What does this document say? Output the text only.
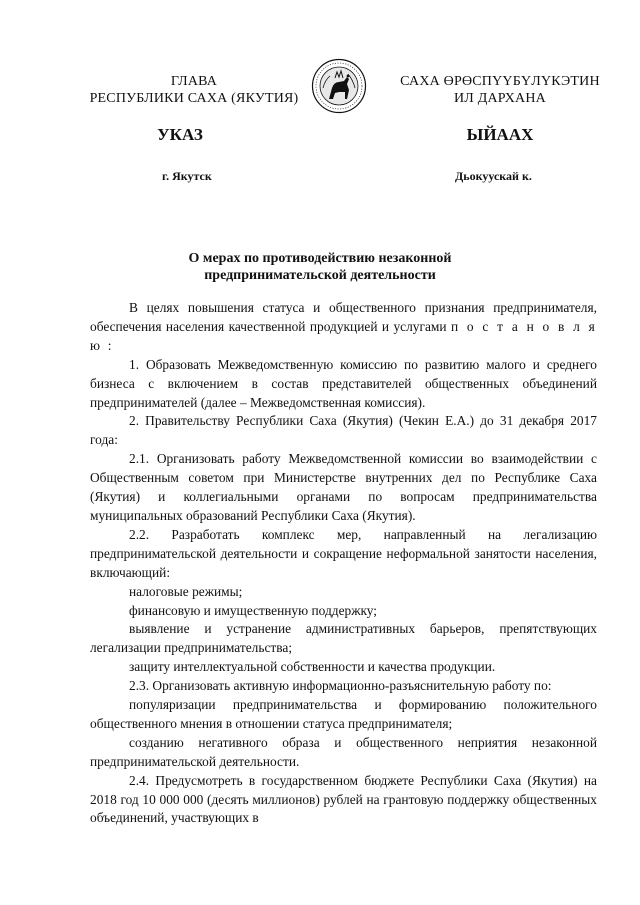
ГЛАВА
РЕСПУБЛИКИ САХА (ЯКУТИЯ)
САХА ӨРӨСПҮҮБҮЛҮКЭТИН
ИЛ ДАРХАНА
УКАЗ	ЫЙААХ
г. Якутск	Дьокуускай к.
О мерах по противодействию незаконной
предпринимательской деятельности

В целях повышения статуса и общественного признания предпринимателя, обеспечения населения качественной продукцией и услугами п о с т а н о в л я ю :

1. Образовать Межведомственную комиссию по развитию малого и среднего бизнеса с включением в состав представителей общественных объединений предпринимателей (далее – Межведомственная комиссия).

2. Правительству Республики Саха (Якутия) (Чекин Е.А.) до 31 декабря 2017 года:

2.1. Организовать работу Межведомственной комиссии во взаимодействии с Общественным советом при Министерстве внутренних дел по Республике Саха (Якутия) и коллегиальными органами по вопросам предпринимательства муниципальных образований Республики Саха (Якутия).

2.2. Разработать комплекс мер, направленный на легализацию предпринимательской деятельности и сокращение неформальной занятости населения, включающий:

налоговые режимы;

финансовую и имущественную поддержку;

выявление и устранение административных барьеров, препятствующих легализации предпринимательства;

защиту интеллектуальной собственности и качества продукции.

2.3. Организовать активную информационно-разъяснительную работу по:

популяризации предпринимательства и формированию положительного общественного мнения в отношении статуса предпринимателя;

созданию негативного образа и общественного неприятия незаконной предпринимательской деятельности.

2.4. Предусмотреть в государственном бюджете Республики Саха (Якутия) на 2018 год 10 000 000 (десять миллионов) рублей на грантовую поддержку общественных объединений, участвующих в
